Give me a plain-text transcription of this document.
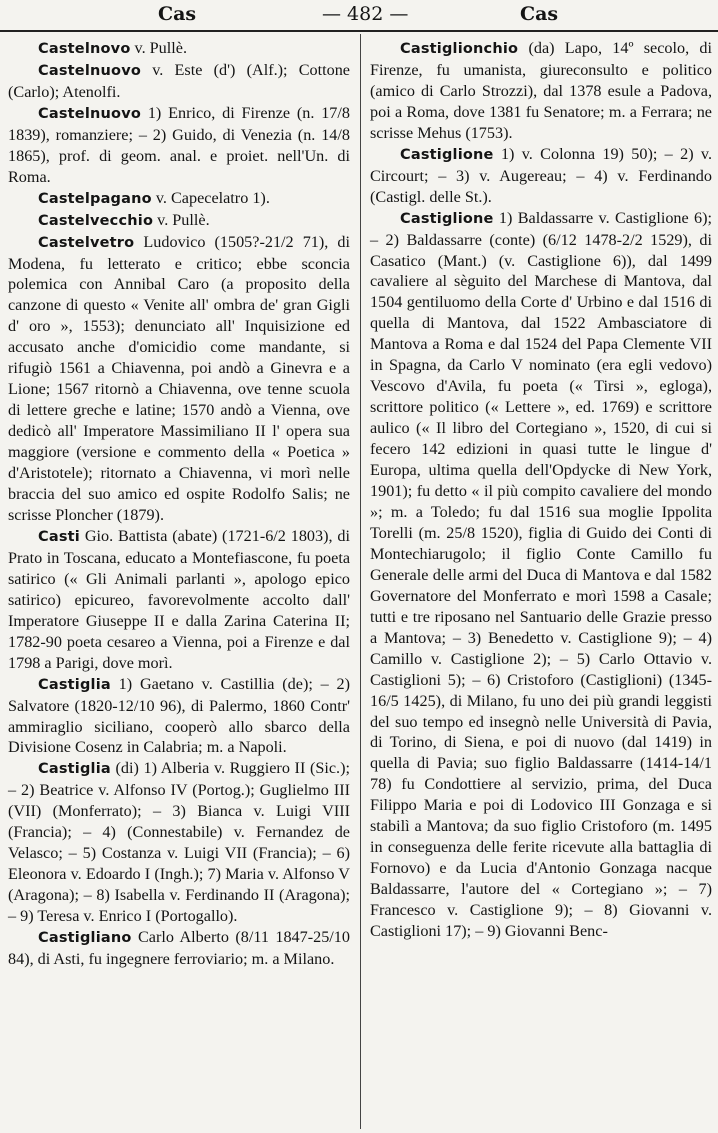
Cas	— 482 —	Cas

Castelnovo v. Pullè.

Castelnuovo v. Este (d') (Alf.); Cottone (Carlo); Atenolfi.

Castelnuovo 1) Enrico, di Firenze (n. 17/8 1839), romanziere; – 2) Guido, di Venezia (n. 14/8 1865), prof. di geom. anal. e proiet. nell'Un. di Roma.

Castelpagano v. Capecelatro 1).

Castelvecchio v. Pullè.

Castelvetro Ludovico (1505?-21/2 71), di Modena, fu letterato e critico; ebbe sconcia polemica con Annibal Caro (a proposito della canzone di questo « Venite all' ombra de' gran Gigli d' oro », 1553); denunciato all' Inquisizione ed accusato anche d'omicidio come mandante, si rifugiò 1561 a Chiavenna, poi andò a Ginevra e a Lione; 1567 ritornò a Chiavenna, ove tenne scuola di lettere greche e latine; 1570 andò a Vienna, ove dedicò all' Imperatore Massimiliano II l' opera sua maggiore (versione e commento della « Poetica » d'Aristotele); ritornato a Chiavenna, vi morì nelle braccia del suo amico ed ospite Rodolfo Salis; ne scrisse Ploncher (1879).

Casti Gio. Battista (abate) (1721-6/2 1803), di Prato in Toscana, educato a Montefiascone, fu poeta satirico (« Gli Animali parlanti », apologo epico satirico) epicureo, favorevolmente accolto dall' Imperatore Giuseppe II e dalla Zarina Caterina II; 1782-90 poeta cesareo a Vienna, poi a Firenze e dal 1798 a Parigi, dove morì.

Castiglia 1) Gaetano v. Castillia (de); – 2) Salvatore (1820-12/10 96), di Palermo, 1860 Contr' ammiraglio siciliano, cooperò allo sbarco della Divisione Cosenz in Calabria; m. a Napoli.

Castiglia (di) 1) Alberia v. Ruggiero II (Sic.); – 2) Beatrice v. Alfonso IV (Portog.); Guglielmo III (VII) (Monferrato); – 3) Bianca v. Luigi VIII (Francia); – 4) (Connestabile) v. Fernandez de Velasco; – 5) Costanza v. Luigi VII (Francia); – 6) Eleonora v. Edoardo I (Ingh.); 7) Maria v. Alfonso V (Aragona); – 8) Isabella v. Ferdinando II (Aragona); – 9) Teresa v. Enrico I (Portogallo).

Castigliano Carlo Alberto (8/11 1847-25/10 84), di Asti, fu ingegnere ferroviario; m. a Milano.

Castiglionchio (da) Lapo, 14º secolo, di Firenze, fu umanista, giureconsulto e politico (amico di Carlo Strozzi), dal 1378 esule a Padova, poi a Roma, dove 1381 fu Senatore; m. a Ferrara; ne scrisse Mehus (1753).

Castiglione 1) v. Colonna 19) 50); – 2) v. Circourt; – 3) v. Augereau; – 4) v. Ferdinando (Castigl. delle St.).

Castiglione 1) Baldassarre v. Castiglione 6); – 2) Baldassarre (conte) (6/12 1478-2/2 1529), di Casatico (Mant.) (v. Castiglione 6)), dal 1499 cavaliere al sèguito del Marchese di Mantova, dal 1504 gentiluomo della Corte d' Urbino e dal 1516 di quella di Mantova, dal 1522 Ambasciatore di Mantova a Roma e dal 1524 del Papa Clemente VII in Spagna, da Carlo V nominato (era egli vedovo) Vescovo d'Avila, fu poeta (« Tirsi », egloga), scrittore politico (« Lettere », ed. 1769) e scrittore aulico (« Il libro del Cortegiano », 1520, di cui si fecero 142 edizioni in quasi tutte le lingue d' Europa, ultima quella dell'Opdycke di New York, 1901); fu detto « il più compito cavaliere del mondo »; m. a Toledo; fu dal 1516 sua moglie Ippolita Torelli (m. 25/8 1520), figlia di Guido dei Conti di Montechiarugolo; il figlio Conte Camillo fu Generale delle armi del Duca di Mantova e dal 1582 Governatore del Monferrato e morì 1598 a Casale; tutti e tre riposano nel Santuario delle Grazie presso a Mantova; – 3) Benedetto v. Castiglione 9); – 4) Camillo v. Castiglione 2); – 5) Carlo Ottavio v. Castiglioni 5); – 6) Cristoforo (Castiglioni) (1345-16/5 1425), di Milano, fu uno dei più grandi leggisti del suo tempo ed insegnò nelle Università di Pavia, di Torino, di Siena, e poi di nuovo (dal 1419) in quella di Pavia; suo figlio Baldassarre (1414-14/1 78) fu Condottiere al servizio, prima, del Duca Filippo Maria e poi di Lodovico III Gonzaga e si stabilì a Mantova; da suo figlio Cristoforo (m. 1495 in conseguenza delle ferite ricevute alla battaglia di Fornovo) e da Lucia d'Antonio Gonzaga nacque Baldassarre, l'autore del « Cortegiano »; – 7) Francesco v. Castiglione 9); – 8) Giovanni v. Castiglioni 17); – 9) Giovanni Benc-
